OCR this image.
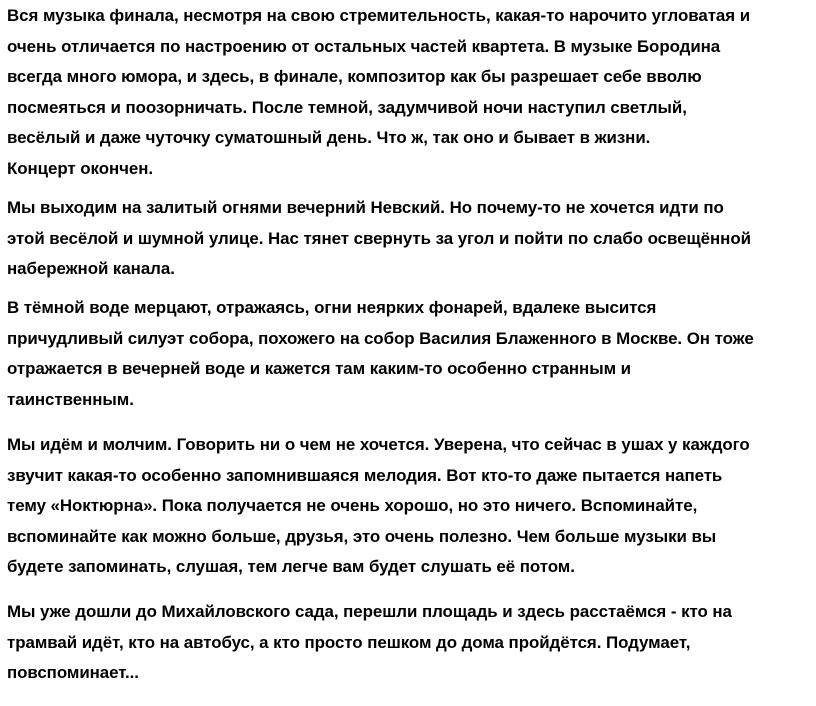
Вся музыка финала, несмотря на свою стремительность, какая-то нарочито угловатая и
очень отличается по настроению от остальных частей квартета. В музыке Бородина
всегда много юмора, и здесь, в финале, композитор как бы разрешает себе вволю
посмеяться и поозорничать. После темной, задумчивой ночи наступил светлый,
весёлый и даже чуточку суматошный день. Что ж, так оно и бывает в жизни.
Концерт окончен.
Мы выходим на залитый огнями вечерний Невский. Но почему-то не хочется идти по
этой весёлой и шумной улице. Нас тянет свернуть за угол и пойти по слабо освещённой
набережной канала.
В тёмной воде мерцают, отражаясь, огни неярких фонарей, вдалеке высится
причудливый силуэт собора, похожего на собор Василия Блаженного в Москве. Он тоже
отражается в вечерней воде и кажется там каким-то особенно странным и
таинственным.
Мы идём и молчим. Говорить ни о чем не хочется. Уверена, что сейчас в ушах у каждого
звучит какая-то особенно запомнившаяся мелодия. Вот кто-то даже пытается напеть
тему «Ноктюрна». Пока получается не очень хорошо, но это ничего. Вспоминайте,
вспоминайте как можно больше, друзья, это очень полезно. Чем больше музыки вы
будете запоминать, слушая, тем легче вам будет слушать её потом.
Мы уже дошли до Михайловского сада, перешли площадь и здесь расстаёмся - кто на
трамвай идёт, кто на автобус, а кто просто пешком до дома пройдётся. Подумает,
повспоминает...
